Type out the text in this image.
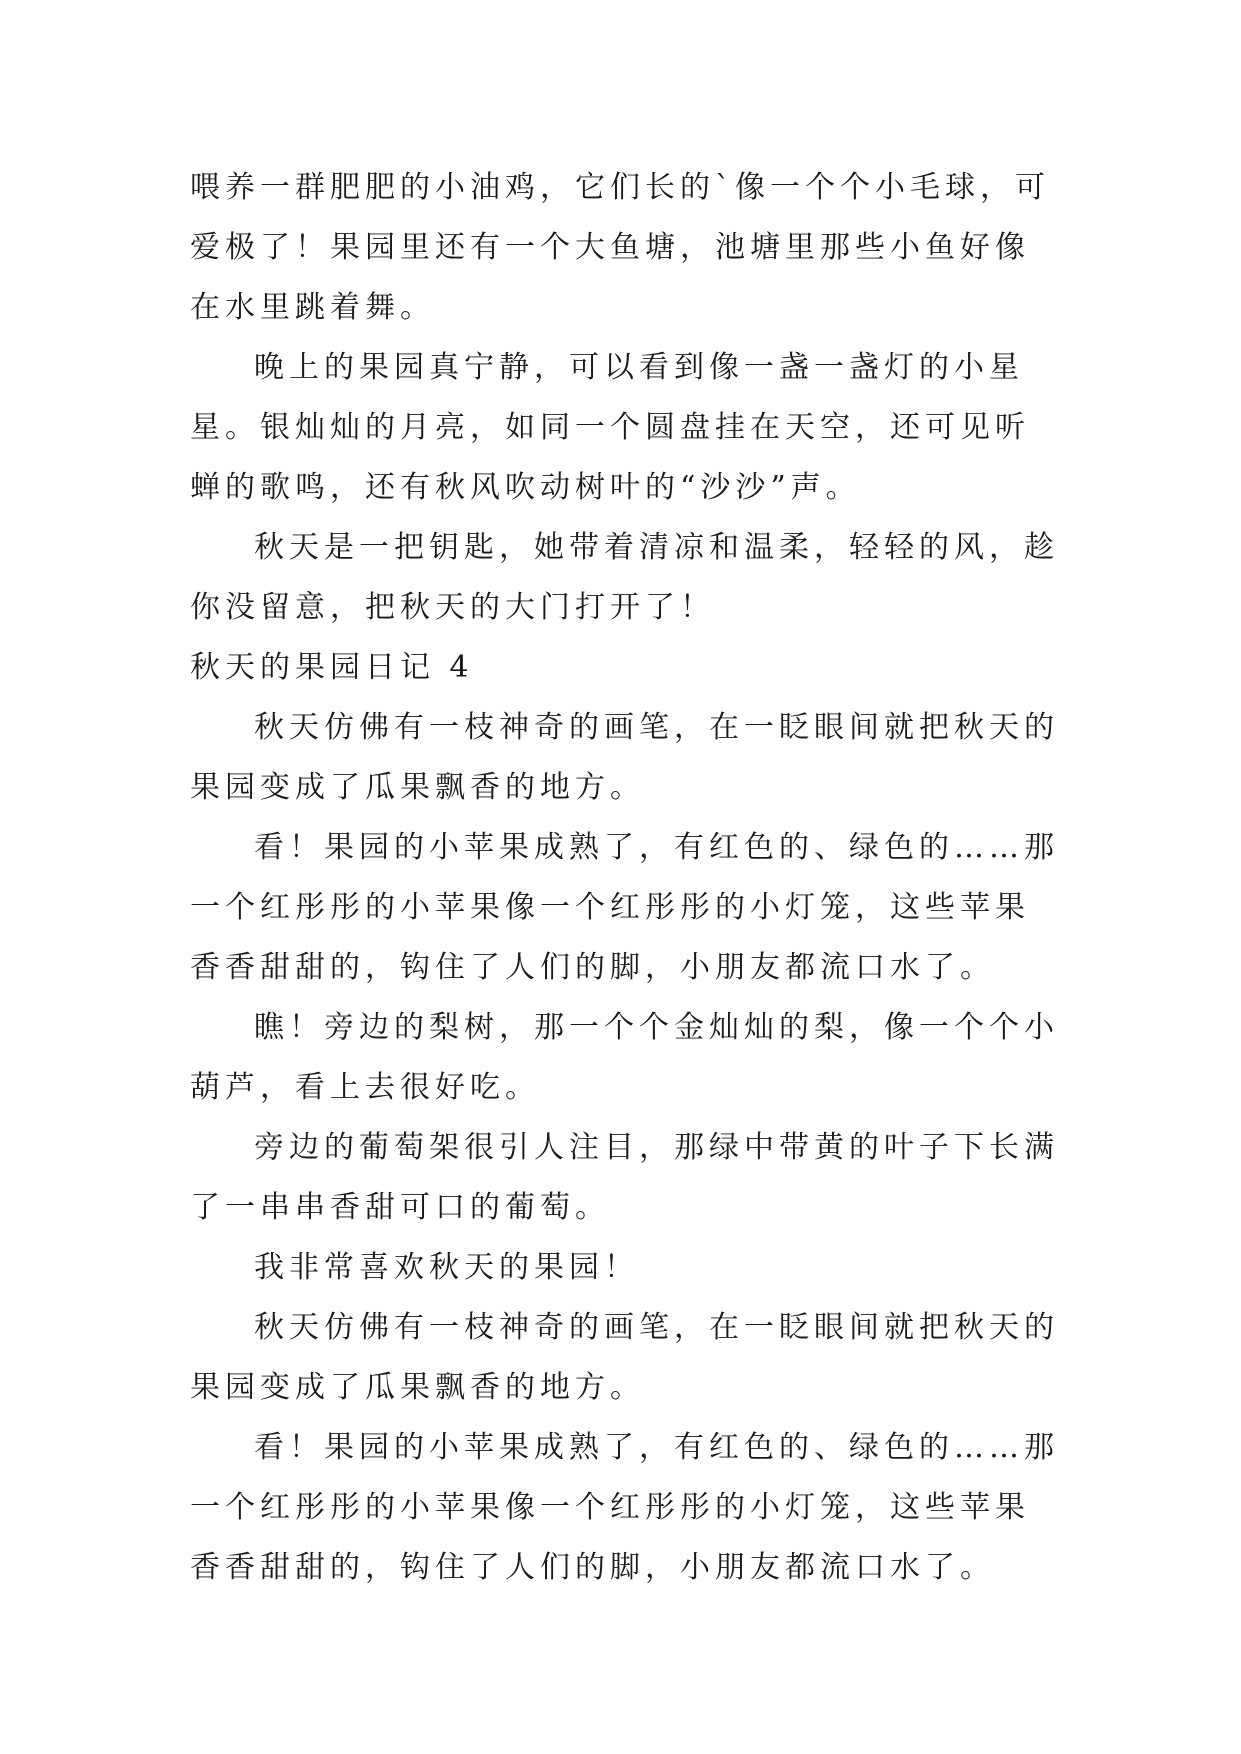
喂养一群肥肥的小油鸡，它们长的`像一个个小毛球，可爱极了！果园里还有一个大鱼塘，池塘里那些小鱼好像在水里跳着舞。

晚上的果园真宁静，可以看到像一盏一盏灯的小星星。银灿灿的月亮，如同一个圆盘挂在天空，还可见听蝉的歌鸣，还有秋风吹动树叶的“沙沙”声。

秋天是一把钥匙，她带着清凉和温柔，轻轻的风，趁你没留意，把秋天的大门打开了！

秋天的果园日记 4

秋天仿佛有一枝神奇的画笔，在一眨眼间就把秋天的果园变成了瓜果飘香的地方。

看！果园的小苹果成熟了，有红色的、绿色的……那一个红彤彤的小苹果像一个红彤彤的小灯笼，这些苹果香香甜甜的，钩住了人们的脚，小朋友都流口水了。

瞧！旁边的梨树，那一个个金灿灿的梨，像一个个小葫芦，看上去很好吃。

旁边的葡萄架很引人注目，那绿中带黄的叶子下长满了一串串香甜可口的葡萄。

我非常喜欢秋天的果园！

秋天仿佛有一枝神奇的画笔，在一眨眼间就把秋天的果园变成了瓜果飘香的地方。

看！果园的小苹果成熟了，有红色的、绿色的……那一个红彤彤的小苹果像一个红彤彤的小灯笼，这些苹果香香甜甜的，钩住了人们的脚，小朋友都流口水了。
